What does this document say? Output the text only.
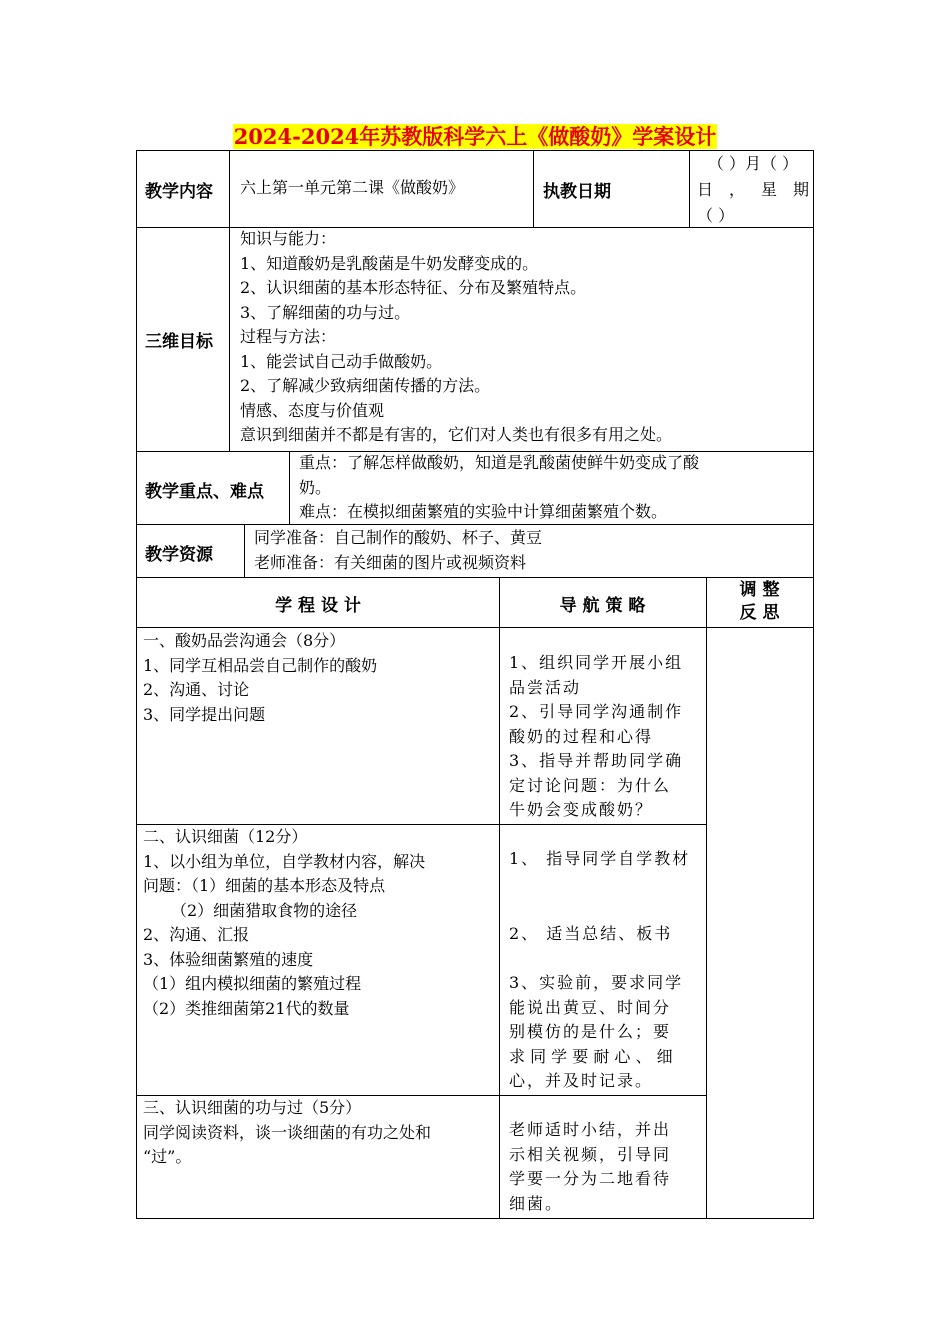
2024-2024年苏教版科学六上《做酸奶》学案设计
教学内容 六上第一单元第二课《做酸奶》	执教日期
（ ）月（ ）
日 ， 星 期
（ ）
三维目标
知识与能力：
1、知道酸奶是乳酸菌是牛奶发酵变成的。
2、认识细菌的基本形态特征、分布及繁殖特点。
3、了解细菌的功与过。
过程与方法：
1、能尝试自己动手做酸奶。
2、了解减少致病细菌传播的方法。
情感、态度与价值观
意识到细菌并不都是有害的，它们对人类也有很多有用之处。
教学重点、难点
重点：了解怎样做酸奶，知道是乳酸菌使鲜牛奶变成了酸
奶。
难点：在模拟细菌繁殖的实验中计算细菌繁殖个数。
教学资源
同学准备：自己制作的酸奶、杯子、黄豆
老师准备：有关细菌的图片或视频资料
学 程 设 计	导 航 策 略
调 整
反 思
一、酸奶品尝沟通会（8分）
1、同学互相品尝自己制作的酸奶
2、沟通、讨论
3、同学提出问题
1、组织同学开展小组
品尝活动
2、引导同学沟通制作
酸奶的过程和心得
3、指导并帮助同学确
定讨论问题：为什么
牛奶会变成酸奶？
二、认识细菌（12分）
1、以小组为单位，自学教材内容，解决
问题：（1）细菌的基本形态及特点
（2）细菌猎取食物的途径
2、沟通、汇报
3、体验细菌繁殖的速度
（1）组内模拟细菌的繁殖过程
（2）类推细菌第21代的数量
1、 指导同学自学教材
2、 适当总结、板书
3、实验前，要求同学
能说出黄豆、时间分
别模仿的是什么；要
求 同 学 要 耐 心 、 细
心，并及时记录。
三、认识细菌的功与过（5分）
同学阅读资料，谈一谈细菌的有功之处和
“过”。
老师适时小结，并出
示相关视频，引导同
学要一分为二地看待
细菌。
